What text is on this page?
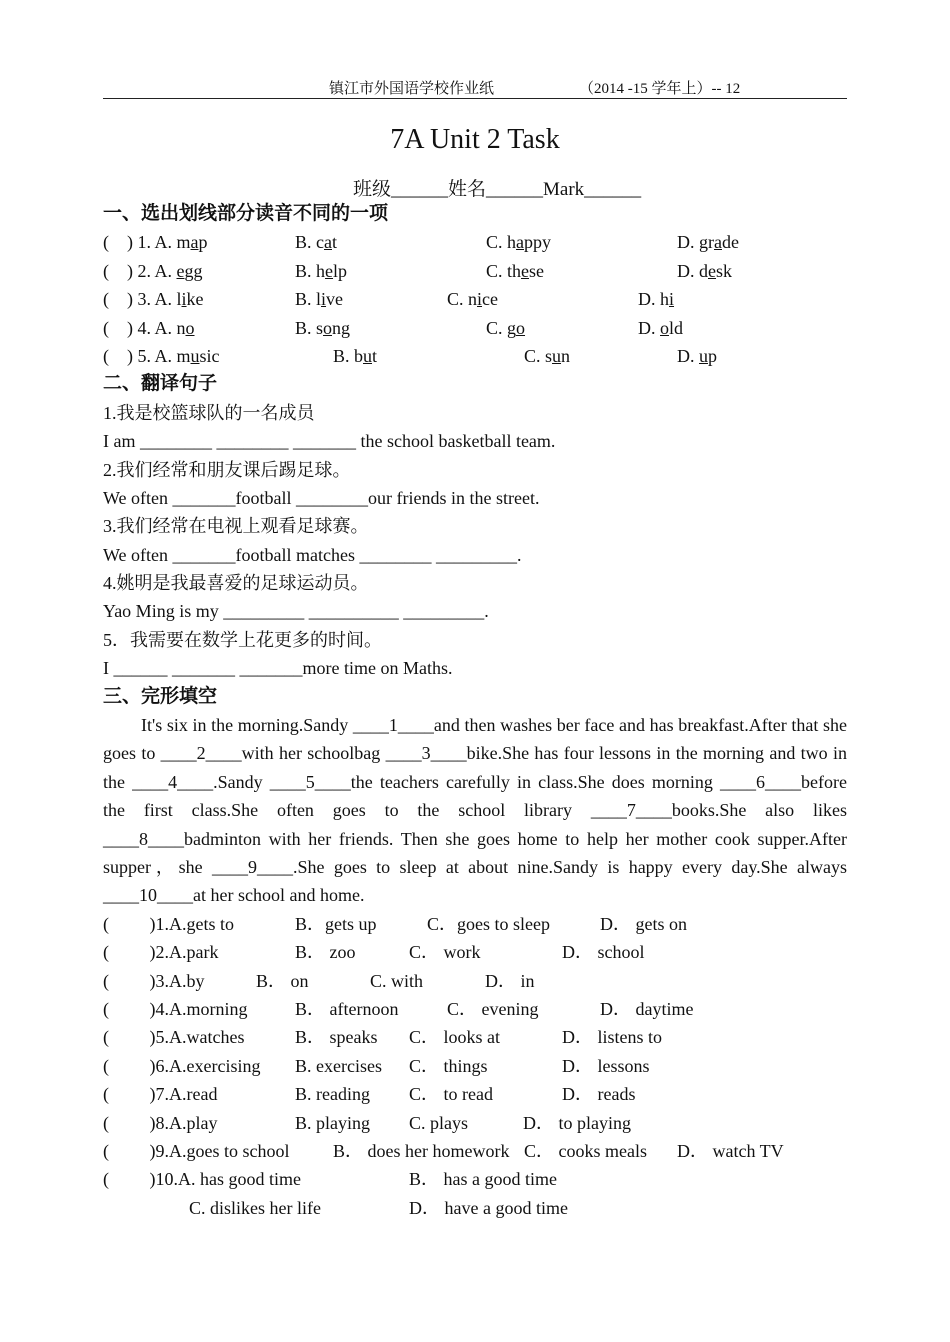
镇江市外国语学校作业纸	（2014 -15 学年上）-- 12
7A Unit 2 Task
班级______姓名______Mark______
一、选出划线部分读音不同的一项
(    ) 1. A. map	B. cat	C. happy	D. grade
(    ) 2. A. egg	B. help	C. these	D. desk
(    ) 3. A. like	B. live	C. nice	D. hi
(    ) 4. A. no	B. song	C. go	D. old
(    ) 5. A. music	B. but	C. sun	D. up
二、翻译句子
1.我是校篮球队的一名成员
I am ________ ________ _______ the school basketball team.
2.我们经常和朋友课后踢足球。
We often _______football ________our friends in the street.
3.我们经常在电视上观看足球赛。
We often _______football matches ________ _________.
4.姚明是我最喜爱的足球运动员。
Yao Ming is my _________ __________ _________.
5．我需要在数学上花更多的时间。
I ______ _______ _______more time on Maths.
三、完形填空
It's six in the morning.Sandy ____1____and then washes ber face and has breakfast.After that she goes to ____2____with her schoolbag ____3____bike.She has four lessons in the morning and two in the ____4____.Sandy ____5____the teachers carefully in class.She does morning ____6____before the first class.She often goes to the school library ____7____books.She also likes ____8____badminton with her friends. Then she goes home to help her mother cook supper.After supper，she ____9____.She goes to sleep at about nine.Sandy is happy every day.She always ____10____at her school and home.
(         )1.A.gets to	B．gets up	C．goes to sleep	D． gets on
(         )2.A.park	B． zoo	C． work	D． school
(         )3.A.by	B． on	C. with	D． in
(         )4.A.morning	B． afternoon	C． evening	D． daytime
(         )5.A.watches	B． speaks C． looks at	D． listens to
(         )6.A.exercising B. exercises C． things	D． lessons
(         )7.A.read	B. reading C． to read	D． reads
(         )8.A.play	B. playing C. plays	D． to playing
(         )9.A.goes to school B． does her homework C． cooks meals D． watch TV
(         )10.A. has good time	B． has a good time
C. dislikes her life	D． have a good time
